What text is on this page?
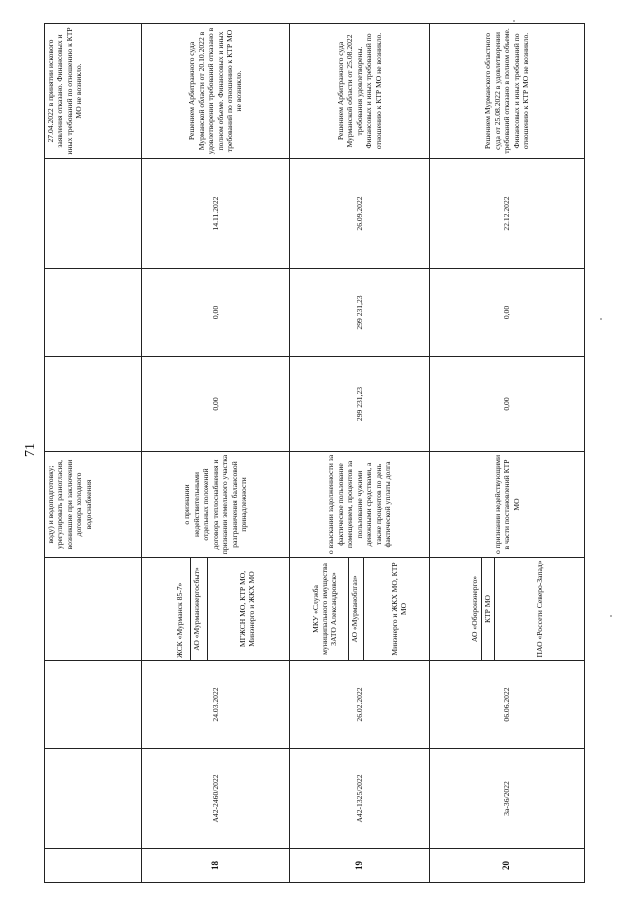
71
				воду) и водоподготовку; урегулировать разногласия, возникшие при заключении договора холодного водоснабжения				27.04.2022 в принятии искового заявления отказано. Финансовых и иных требований по отношению к КТР МО не возникло.
18	А42-2460/2022	24.03.2022	ЖСК «Мурманск 85-7» АО «Мурманэнергосбыт» МГЖСН МО, КТР МО, Минэнерго и ЖКХ МО	о признании недействительными отдельных положений договора теплоснабжения и признании земельного участка разграничения балансовой принадлежности	0,00	0,00	14.11.2022	Решением Арбитражного суда Мурманской области от 20.10.2022 в удовлетворении требований отказано в полном объеме. Финансовых и иных требований по отношению к КТР МО не возникло.
19	А42-1325/2022	26.02.2022	МКУ «Служба муниципального имущества ЗАТО Александровск» АО «Мурманоблгаз» Минэнерго и ЖКХ МО, КТР МО	о взыскании задолженности за фактическое пользование помещением, процентов за пользование чужими денежными средствами, а также процентов по день фактической уплаты долга	299 231,23	299 231,23	26.09.2022	Решением Арбитражного суда Мурманской области от 25.08.2022 требования удовлетворены. Финансовых и иных требований по отношению к КТР МО не возникло.
20	3а-36/2022	06.06.2022	АО «Оборонэнерго» КТР МО ПАО «Россети Северо-Запад»	о признании недействующими в части постановлений КТР МО	0,00	0,00	22.12.2022	Решением Мурманского областного суда от 25.08.2022 в удовлетворении требований отказано в полном объеме. Финансовых и иных требований по отношению к КТР МО не возникло.
